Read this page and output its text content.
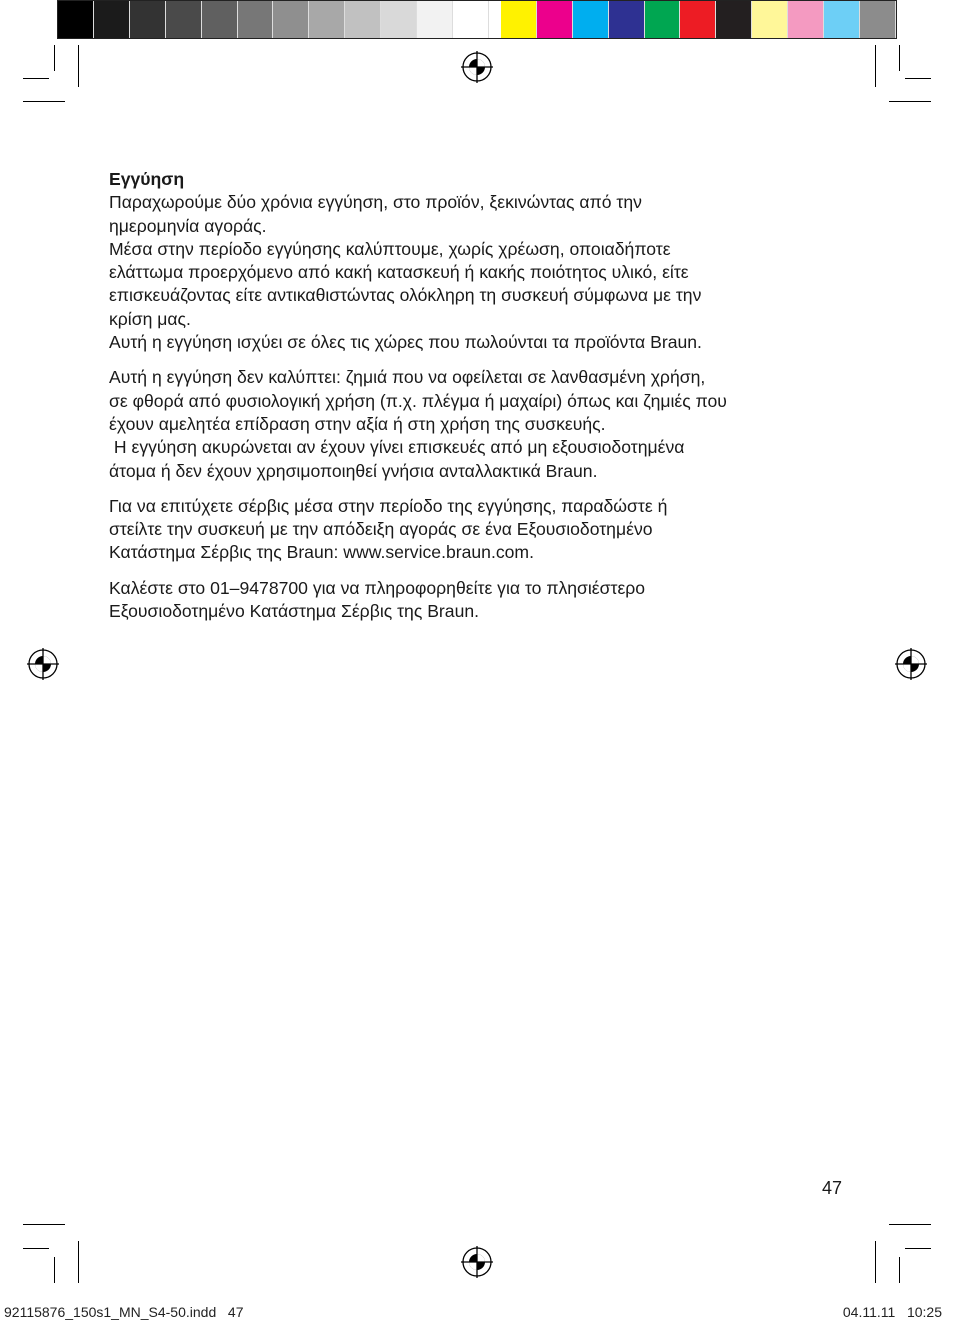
Εγγύηση
Παραχωρούμε δύο χρόνια εγγύηση, στο προϊόν, ξεκινώντας από την
ημερομηνία αγοράς.
Μέσα στην περίοδο εγγύησης καλύπτουμε, χωρίς χρέωση, οποιαδήποτε
ελάττωμα προερχόμενο από κακή κατασκευή ή κακής ποιότητος υλικό, είτε
επισκευάζοντας είτε αντικαθιστώντας ολόκληρη τη συσκευή σύμφωνα με την
κρίση μας.
Αυτή η εγγύηση ισχύει σε όλες τις χώρες που πωλούνται τα προϊόντα Braun.

Αυτή η εγγύηση δεν καλύπτει: ζημιά που να οφείλεται σε λανθασμένη χρήση,
σε φθορά από φυσιολογική χρήση (π.χ. πλέγμα ή μαχαίρι) όπως και ζημιές που
έχουν αμελητέα επίδραση στην αξία ή στη χρήση της συσκευής.
Η εγγύηση ακυρώνεται αν έχουν γίνει επισκευές από μη εξουσιοδοτημένα
άτομα ή δεν έχουν χρησιμοποιηθεί γνήσια ανταλλακτικά Braun.

Για να επιτύχετε σέρβις μέσα στην περίοδο της εγγύησης, παραδώστε ή
στείλτε την συσκευή με την απόδειξη αγοράς σε ένα Εξουσιοδοτημένο
Κατάστημα Σέρβις της Braun: www.service.braun.com.

Καλέστε στο 01–9478700 για να πληροφορηθείτε για το πλησιέστερο
Εξουσιοδοτημένο Κατάστημα Σέρβις της Braun.

47
92115876_150s1_MN_S4-50.indd   47	04.11.11   10:25
